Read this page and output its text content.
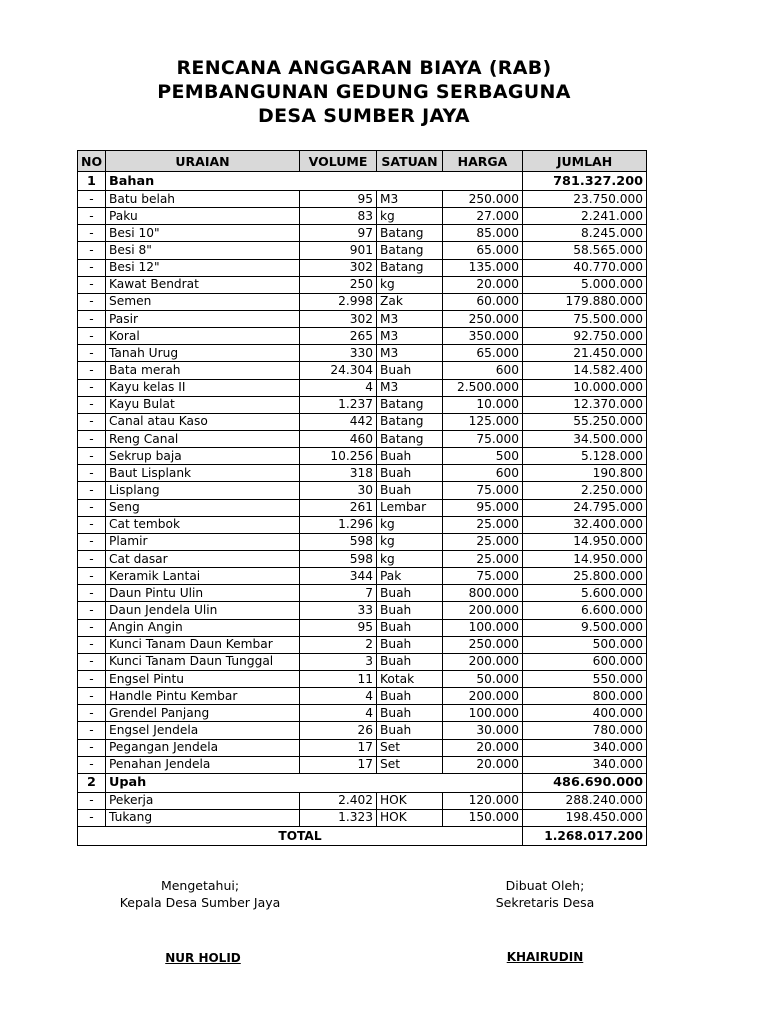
RENCANA ANGGARAN BIAYA (RAB)
PEMBANGUNAN GEDUNG SERBAGUNA
DESA SUMBER JAYA
NO	URAIAN	VOLUME	SATUAN	HARGA	JUMLAH
1	Bahan				781.327.200
-	Batu belah	95	M3	250.000	23.750.000
-	Paku	83	kg	27.000	2.241.000
-	Besi 10"	97	Batang	85.000	8.245.000
-	Besi 8"	901	Batang	65.000	58.565.000
-	Besi 12"	302	Batang	135.000	40.770.000
-	Kawat Bendrat	250	kg	20.000	5.000.000
-	Semen	2.998	Zak	60.000	179.880.000
-	Pasir	302	M3	250.000	75.500.000
-	Koral	265	M3	350.000	92.750.000
-	Tanah Urug	330	M3	65.000	21.450.000
-	Bata merah	24.304	Buah	600	14.582.400
-	Kayu kelas II	4	M3	2.500.000	10.000.000
-	Kayu Bulat	1.237	Batang	10.000	12.370.000
-	Canal atau Kaso	442	Batang	125.000	55.250.000
-	Reng Canal	460	Batang	75.000	34.500.000
-	Sekrup baja	10.256	Buah	500	5.128.000
-	Baut Lisplank	318	Buah	600	190.800
-	Lisplang	30	Buah	75.000	2.250.000
-	Seng	261	Lembar	95.000	24.795.000
-	Cat tembok	1.296	kg	25.000	32.400.000
-	Plamir	598	kg	25.000	14.950.000
-	Cat dasar	598	kg	25.000	14.950.000
-	Keramik Lantai	344	Pak	75.000	25.800.000
-	Daun Pintu Ulin	7	Buah	800.000	5.600.000
-	Daun Jendela Ulin	33	Buah	200.000	6.600.000
-	Angin Angin	95	Buah	100.000	9.500.000
-	Kunci Tanam Daun Kembar	2	Buah	250.000	500.000
-	Kunci Tanam Daun Tunggal	3	Buah	200.000	600.000
-	Engsel Pintu	11	Kotak	50.000	550.000
-	Handle Pintu Kembar	4	Buah	200.000	800.000
-	Grendel Panjang	4	Buah	100.000	400.000
-	Engsel Jendela	26	Buah	30.000	780.000
-	Pegangan Jendela	17	Set	20.000	340.000
-	Penahan Jendela	17	Set	20.000	340.000
2	Upah				486.690.000
-	Pekerja	2.402	HOK	120.000	288.240.000
-	Tukang	1.323	HOK	150.000	198.450.000
TOTAL					1.268.017.200
Mengetahui;
Kepala Desa Sumber Jaya
NUR HOLID
Dibuat Oleh;
Sekretaris Desa
KHAIRUDIN
